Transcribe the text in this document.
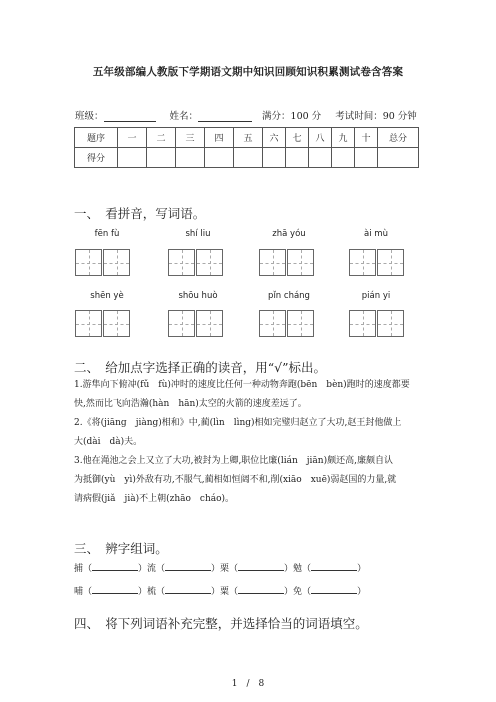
五年级部编人教版下学期语文期中知识回顾知识积累测试卷含答案
班级：	姓名：	满分：100 分 考试时间：90 分钟
题序	一	二	三	四	五	六	七	八	九	十	总分
得分											
一、　看拼音，写词语。
fēn fù	shí liu	zhā yóu	ài mù
shēn yè	shōu huò	pǐn cháng	pián yi
二、　给加点字选择正确的读音，用“√”标出。
1.游隼向下俯冲(fǔ　fù)冲时的速度比任何一种动物奔跑(bēn　bèn)跑时的速度都要
快,然而比飞向浩瀚(hàn　hān)太空的火箭的速度差远了。
2.《将(jiāng　jiàng)相和》中,蔺(lìn　lìng)相如完璧归赵立了大功,赵王封他做上
大(dài　dà)夫。
3.他在渑池之会上又立了大功,被封为上卿,职位比廉(lián　jiān)颇还高,廉颇自认
为抵御(yù　yì)外敌有功,不服气,蔺相如恒阔不和,削(xiāo　xuē)弱赵国的力量,就
请病假(jiǎ　jià)不上朝(zhāo　cháo)。
三、　辨字组词。
捕（	）流（	）栗（	）勉（	）
哺（	）梳（	）粟（	）免（	）
四、　将下列词语补充完整，并选择恰当的词语填空。
1　/　8
